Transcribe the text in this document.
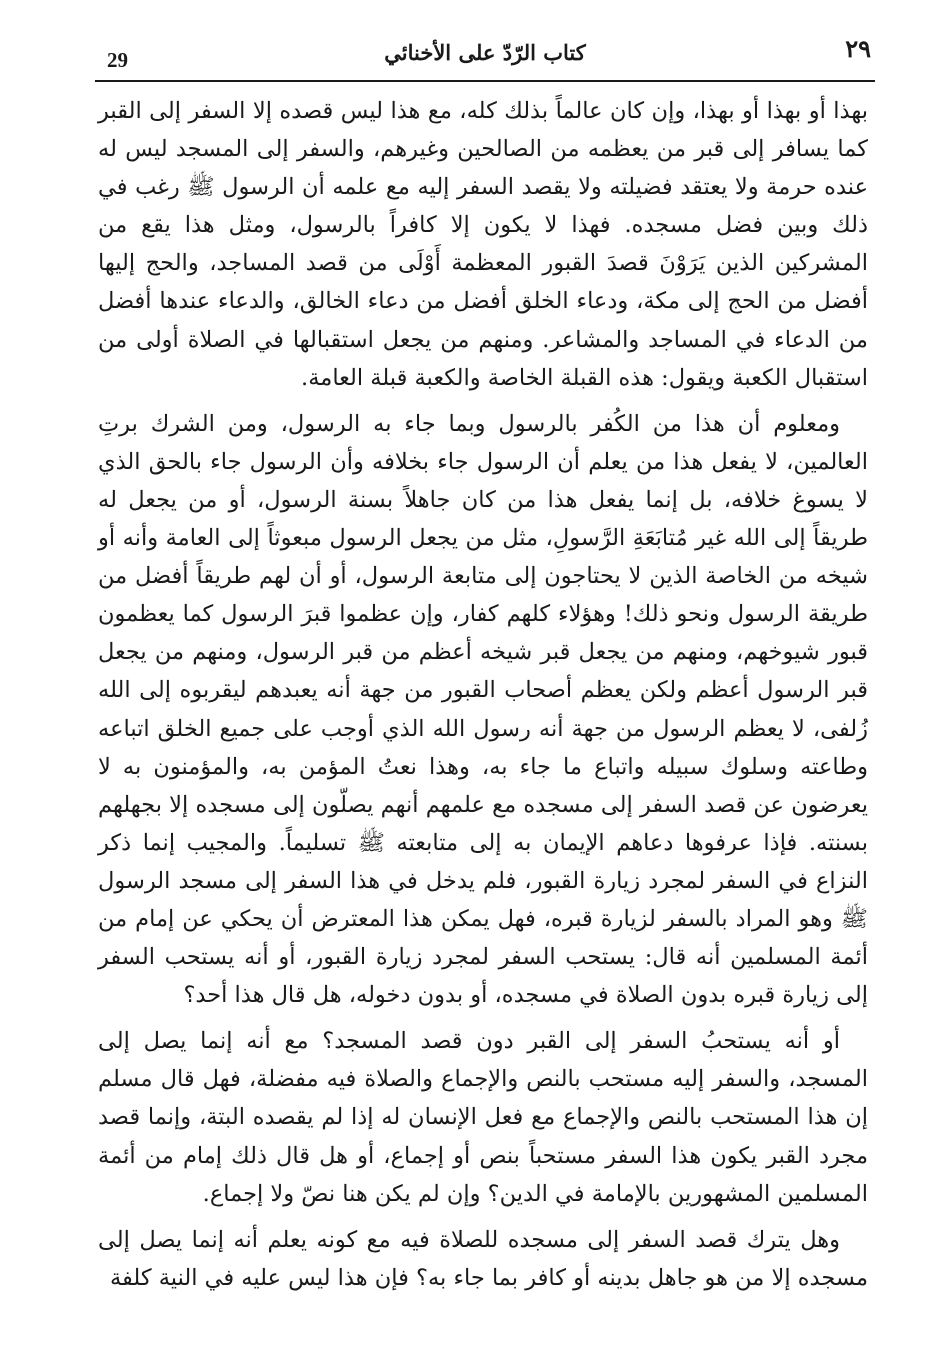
29	كتاب الرّدّ على الأخنائي	٢٩

بهذا أو بهذا أو بهذا، وإن كان عالماً بذلك كله، مع هذا ليس قصده إلا السفر إلى القبر كما يسافر إلى قبر من يعظمه من الصالحين وغيرهم، والسفر إلى المسجد ليس له عنده حرمة ولا يعتقد فضيلته ولا يقصد السفر إليه مع علمه أن الرسول ﷺ رغب في ذلك وبين فضل مسجده. فهذا لا يكون إلا كافراً بالرسول، ومثل هذا يقع من المشركين الذين يَرَوْنَ قصدَ القبور المعظمة أَوْلَى من قصد المساجد، والحج إليها أفضل من الحج إلى مكة، ودعاء الخلق أفضل من دعاء الخالق، والدعاء عندها أفضل من الدعاء في المساجد والمشاعر. ومنهم من يجعل استقبالها في الصلاة أولى من استقبال الكعبة ويقول: هذه القبلة الخاصة والكعبة قبلة العامة.

ومعلوم أن هذا من الكُفر بالرسول وبما جاء به الرسول، ومن الشرك برتِ العالمين، لا يفعل هذا من يعلم أن الرسول جاء بخلافه وأن الرسول جاء بالحق الذي لا يسوغ خلافه، بل إنما يفعل هذا من كان جاهلاً بسنة الرسول، أو من يجعل له طريقاً إلى الله غير مُتابَعَةِ الرَّسولِ، مثل من يجعل الرسول مبعوثاً إلى العامة وأنه أو شيخه من الخاصة الذين لا يحتاجون إلى متابعة الرسول، أو أن لهم طريقاً أفضل من طريقة الرسول ونحو ذلك! وهؤلاء كلهم كفار، وإن عظموا قبرَ الرسول كما يعظمون قبور شيوخهم، ومنهم من يجعل قبر شيخه أعظم من قبر الرسول، ومنهم من يجعل قبر الرسول أعظم ولكن يعظم أصحاب القبور من جهة أنه يعبدهم ليقربوه إلى الله زُلفى، لا يعظم الرسول من جهة أنه رسول الله الذي أوجب على جميع الخلق اتباعه وطاعته وسلوك سبيله واتباع ما جاء به، وهذا نعتُ المؤمن به، والمؤمنون به لا يعرضون عن قصد السفر إلى مسجده مع علمهم أنهم يصلّون إلى مسجده إلا بجهلهم بسنته. فإذا عرفوها دعاهم الإيمان به إلى متابعته ﷺ تسليماً. والمجيب إنما ذكر النزاع في السفر لمجرد زيارة القبور، فلم يدخل في هذا السفر إلى مسجد الرسول ﷺ وهو المراد بالسفر لزيارة قبره، فهل يمكن هذا المعترض أن يحكي عن إمام من أئمة المسلمين أنه قال: يستحب السفر لمجرد زيارة القبور، أو أنه يستحب السفر إلى زيارة قبره بدون الصلاة في مسجده، أو بدون دخوله، هل قال هذا أحد؟

أو أنه يستحبُ السفر إلى القبر دون قصد المسجد؟ مع أنه إنما يصل إلى المسجد، والسفر إليه مستحب بالنص والإجماع والصلاة فيه مفضلة، فهل قال مسلم إن هذا المستحب بالنص والإجماع مع فعل الإنسان له إذا لم يقصده البتة، وإنما قصد مجرد القبر يكون هذا السفر مستحباً بنص أو إجماع، أو هل قال ذلك إمام من أئمة المسلمين المشهورين بالإمامة في الدين؟ وإن لم يكن هنا نصّ ولا إجماع.

وهل يترك قصد السفر إلى مسجده للصلاة فيه مع كونه يعلم أنه إنما يصل إلى مسجده إلا من هو جاهل بدينه أو كافر بما جاء به؟ فإن هذا ليس عليه في النية كلفة
